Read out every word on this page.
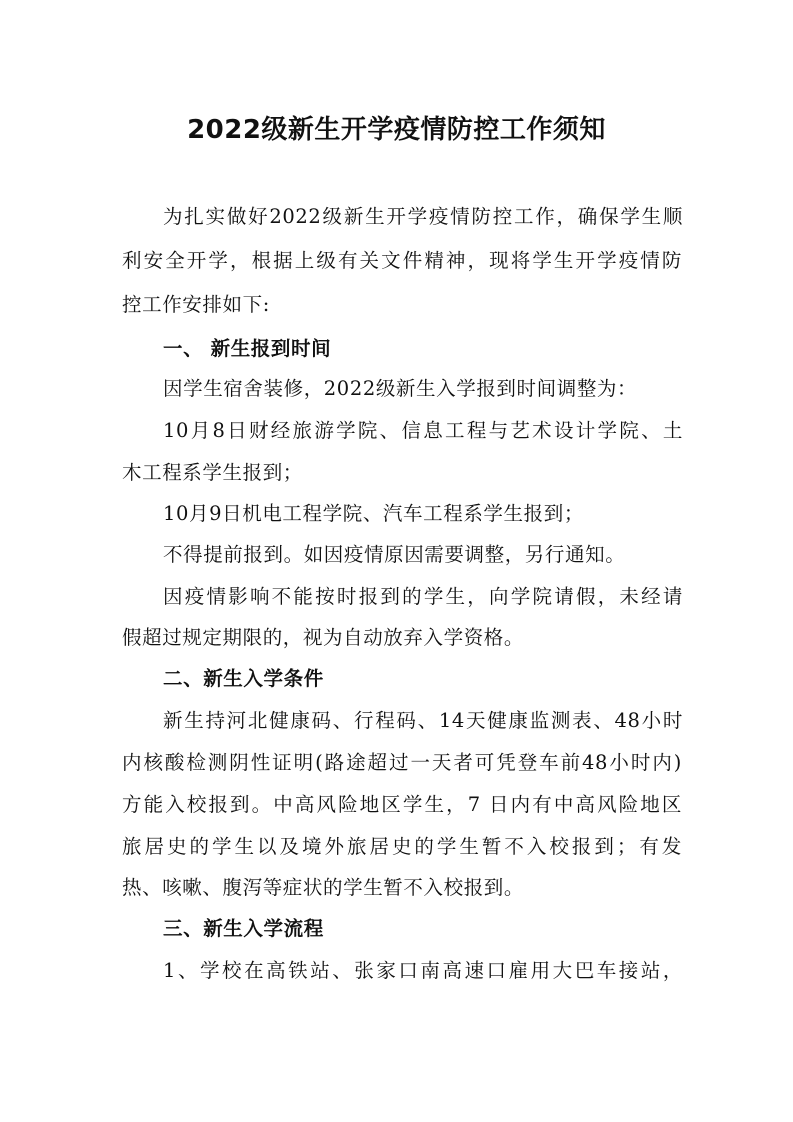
2022级新生开学疫情防控工作须知

为扎实做好2022级新生开学疫情防控工作，确保学生顺

利安全开学，根据上级有关文件精神，现将学生开学疫情防

控工作安排如下:

一、 新生报到时间

因学生宿舍装修，2022级新生入学报到时间调整为：

10月8日财经旅游学院、信息工程与艺术设计学院、土

木工程系学生报到；

10月9日机电工程学院、汽车工程系学生报到；

不得提前报到。如因疫情原因需要调整，另行通知。

因疫情影响不能按时报到的学生，向学院请假，未经请

假超过规定期限的，视为自动放弃入学资格。

二、新生入学条件

新生持河北健康码、行程码、14天健康监测表、48小时

内核酸检测阴性证明(路途超过一天者可凭登车前48小时内)

方能入校报到。中高风险地区学生，7 日内有中高风险地区

旅居史的学生以及境外旅居史的学生暂不入校报到；有发

热、咳嗽、腹泻等症状的学生暂不入校报到。

三、新生入学流程

1、学校在高铁站、张家口南高速口雇用大巴车接站，
